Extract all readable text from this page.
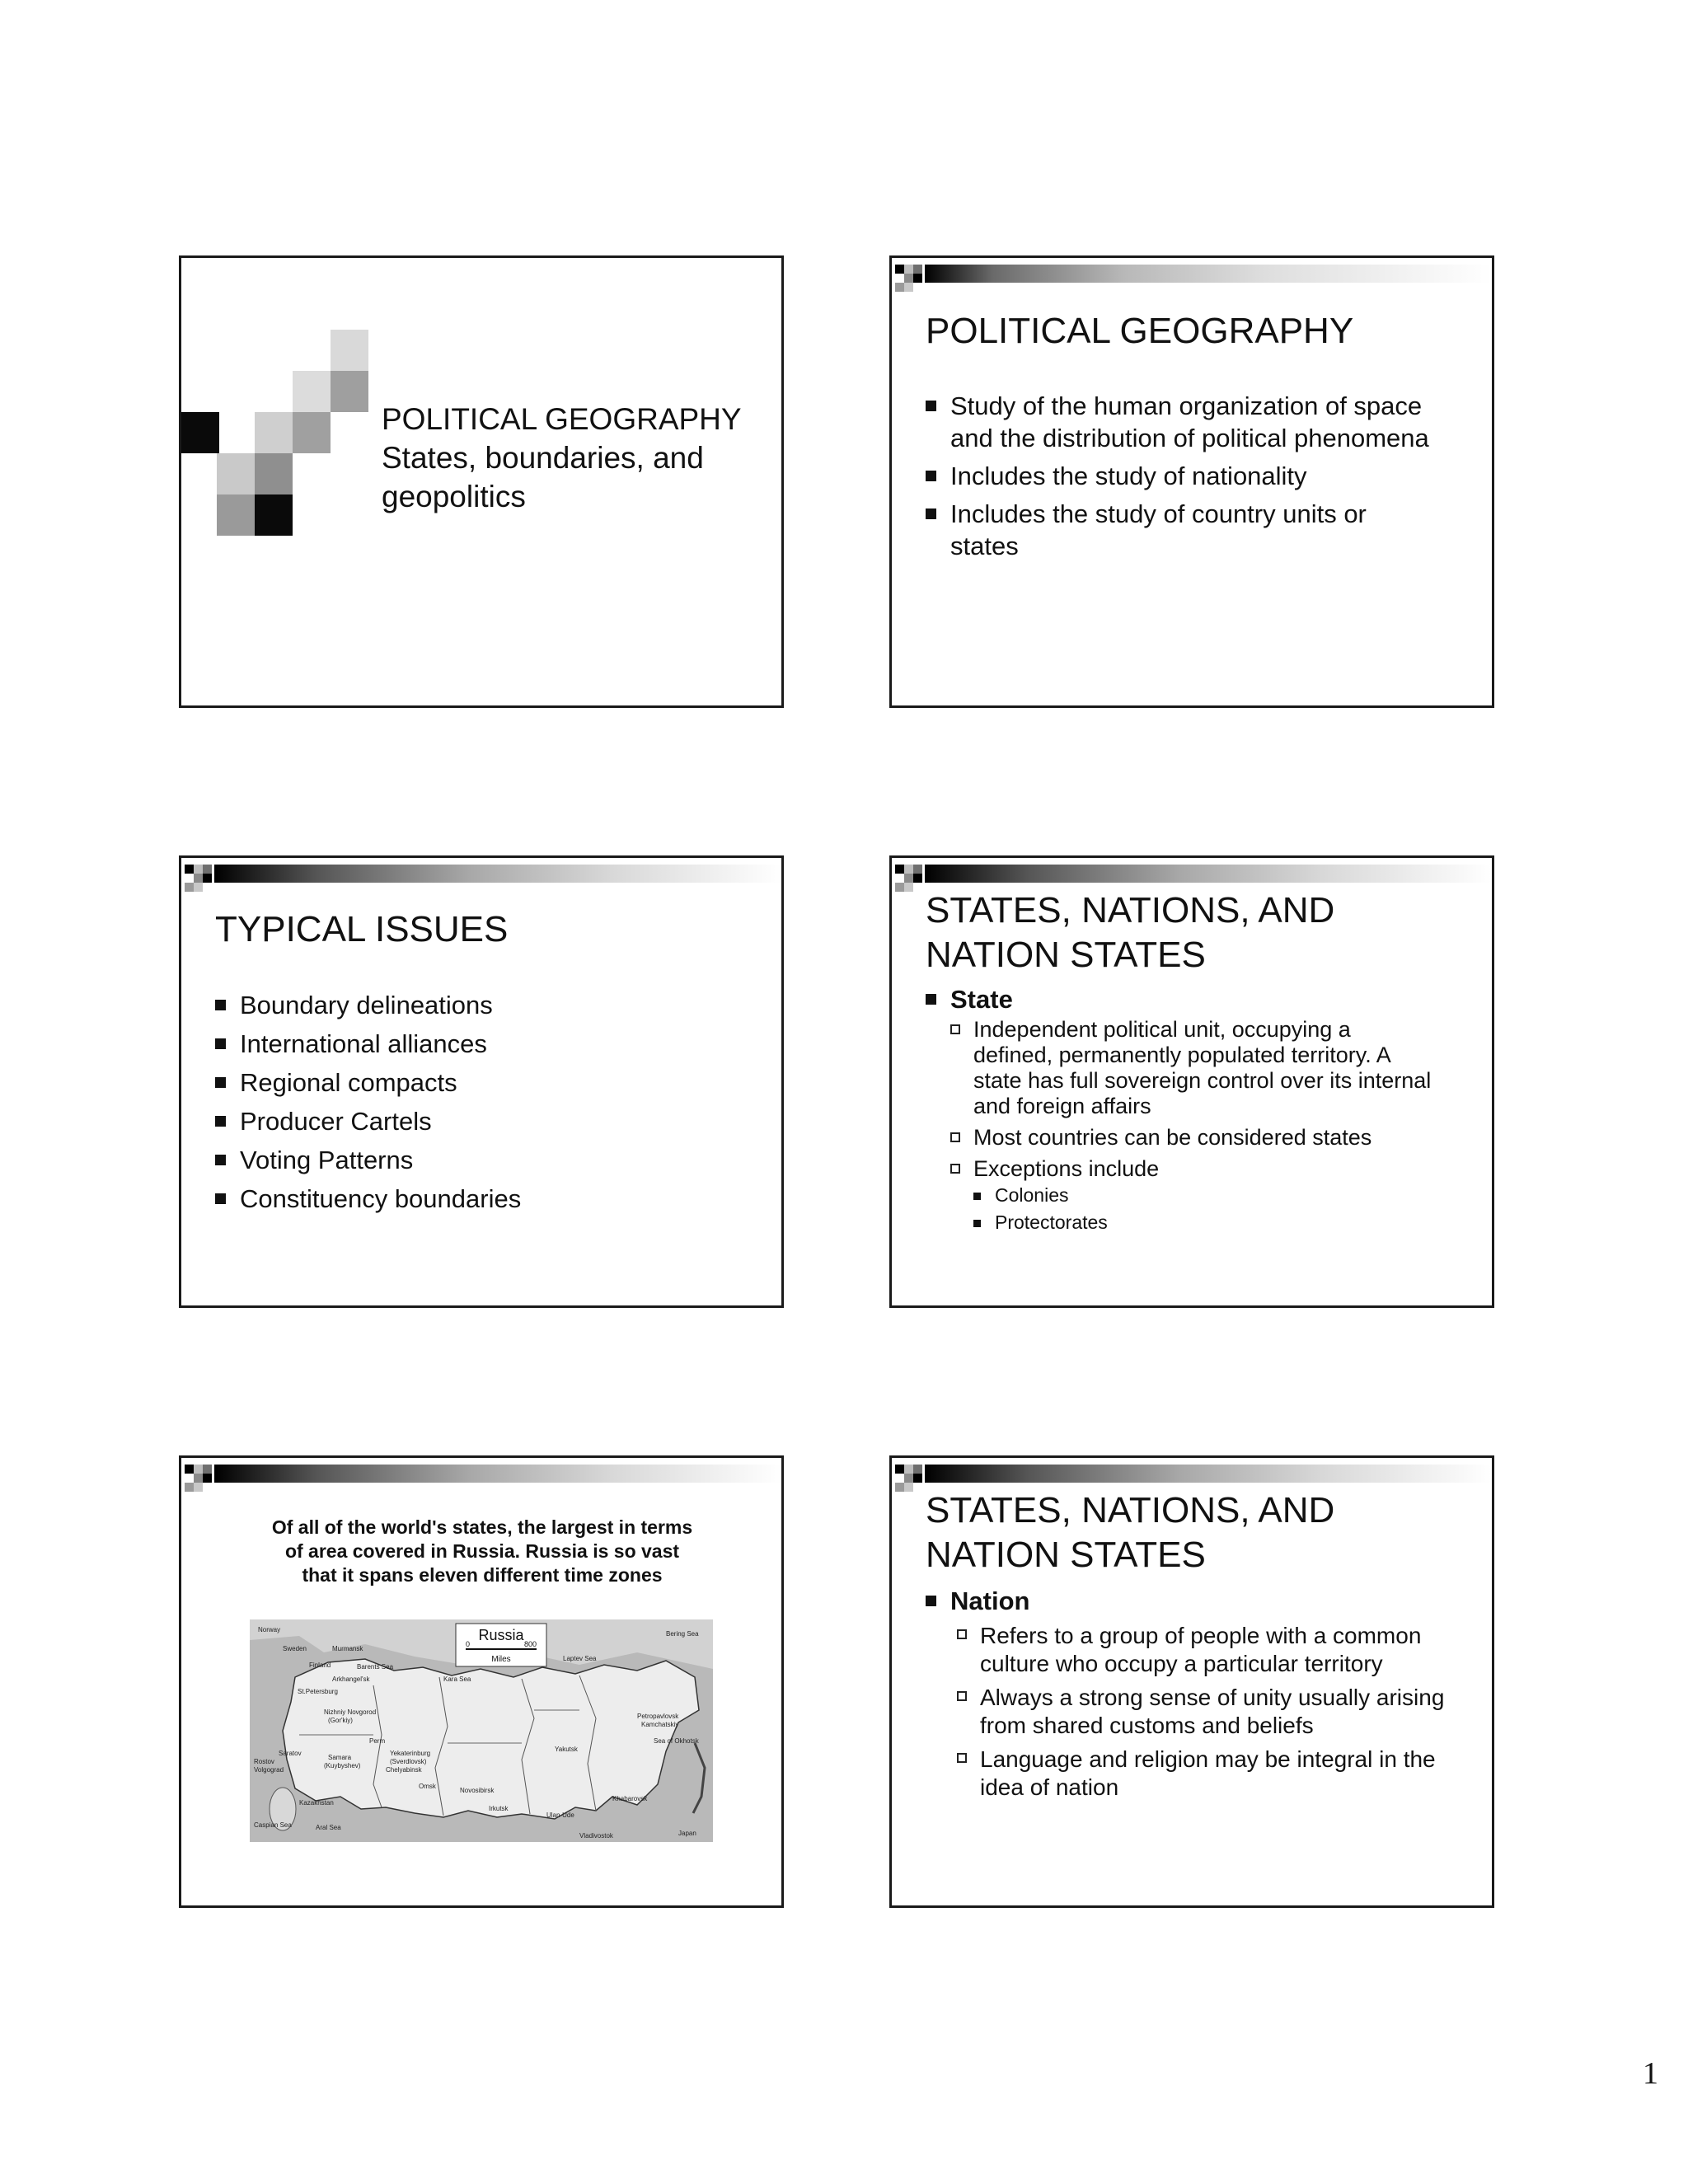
POLITICAL GEOGRAPHY
States, boundaries, and
geopolitics
POLITICAL GEOGRAPHY
Study of the human organization of space
and the distribution of political phenomena
Includes the study of nationality
Includes the study of country units or
states
TYPICAL ISSUES
Boundary delineations
International alliances
Regional compacts
Producer Cartels
Voting Patterns
Constituency boundaries
STATES, NATIONS, AND
NATION STATES
State
Independent political unit, occupying a
defined, permanently populated territory. A
state has full sovereign control over its internal
and foreign affairs
Most countries can be considered states
Exceptions include
Colonies
Protectorates
Of all of the world's states, the largest in terms
of area covered in Russia. Russia is so vast
that it spans eleven different time zones
Russia
0	800
Miles
Norway
Sweden
Finland
Murmansk
Barents Sea
Arkhangel'sk
St.Petersburg
Kara Sea
Laptev Sea
Nizhniy Novgorod
(Gor'kiy)
Rostov
Volgograd
Saratov
Samara
(Kuybyshev)
Perm
Yekaterinburg
(Sverdlovsk)
Chelyabinsk
Omsk
Novosibirsk
Irkutsk
Ulan-Ude
Yakutsk
Khabarovsk
Vladivostok
Petropavlovsk
Kamchatskiy
Sea of Okhotsk
Kazakhstan
Caspian Sea	Aral Sea
Bering Sea
Japan
STATES, NATIONS, AND
NATION STATES
Nation
Refers to a group of people with a common
culture who occupy a particular territory
Always a strong sense of unity usually arising
from shared customs and beliefs
Language and religion may be integral in the
idea of nation
1
